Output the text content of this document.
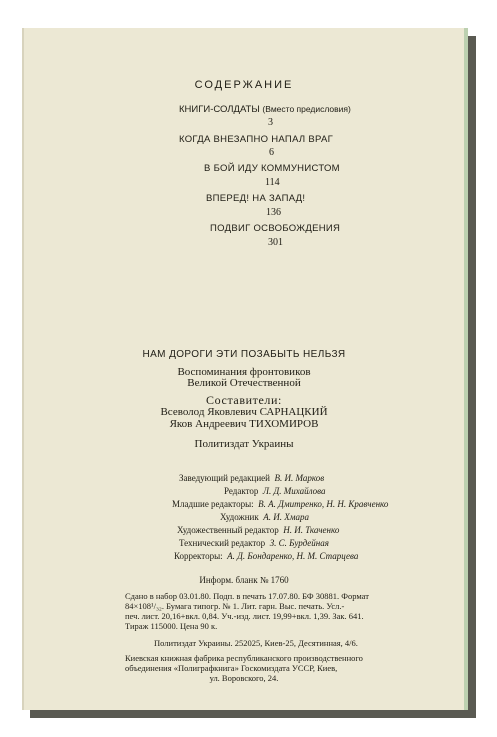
СОДЕРЖАНИЕ
КНИГИ-СОЛДАТЫ (Вместо предисловия)
3
КОГДА ВНЕЗАПНО НАПАЛ ВРАГ
6
В БОЙ ИДУ КОММУНИСТОМ
114
ВПЕРЕД! НА ЗАПАД!
136
ПОДВИГ ОСВОБОЖДЕНИЯ
301
НАМ ДОРОГИ ЭТИ ПОЗАБЫТЬ НЕЛЬЗЯ
Воспоминания фронтовиков
Великой Отечественной
Составители:
Всеволод Яковлевич САРНАЦКИЙ
Яков Андреевич ТИХОМИРОВ
Политиздат Украины
Заведующий редакцией В. И. Марков
Редактор Л. Д. Михайлова
Младшие редакторы: В. А. Дмитренко, Н. Н. Кравченко
Художник А. И. Хмара
Художественный редактор Н. И. Ткаченко
Технический редактор З. С. Бурдейная
Корректоры: А. Д. Бондаренко, Н. М. Старцева
Информ. бланк № 1760
Сдано в набор 03.01.80. Подп. в печать 17.07.80. БФ 30881. Формат
84×108¹/₃₂. Бумага типогр. № 1. Лит. гарн. Выс. печать. Усл.-
печ. лист. 20,16+вкл. 0,84. Уч.-изд. лист. 19,99+вкл. 1,39. Зак. 641.
Тираж 115000. Цена 90 к.
Политиздат Украины. 252025, Киев-25, Десятинная, 4/6.
Киевская книжная фабрика республиканского производственного
объединения «Полиграфкнига» Госкомиздата УССР, Киев,
ул. Воровского, 24.
